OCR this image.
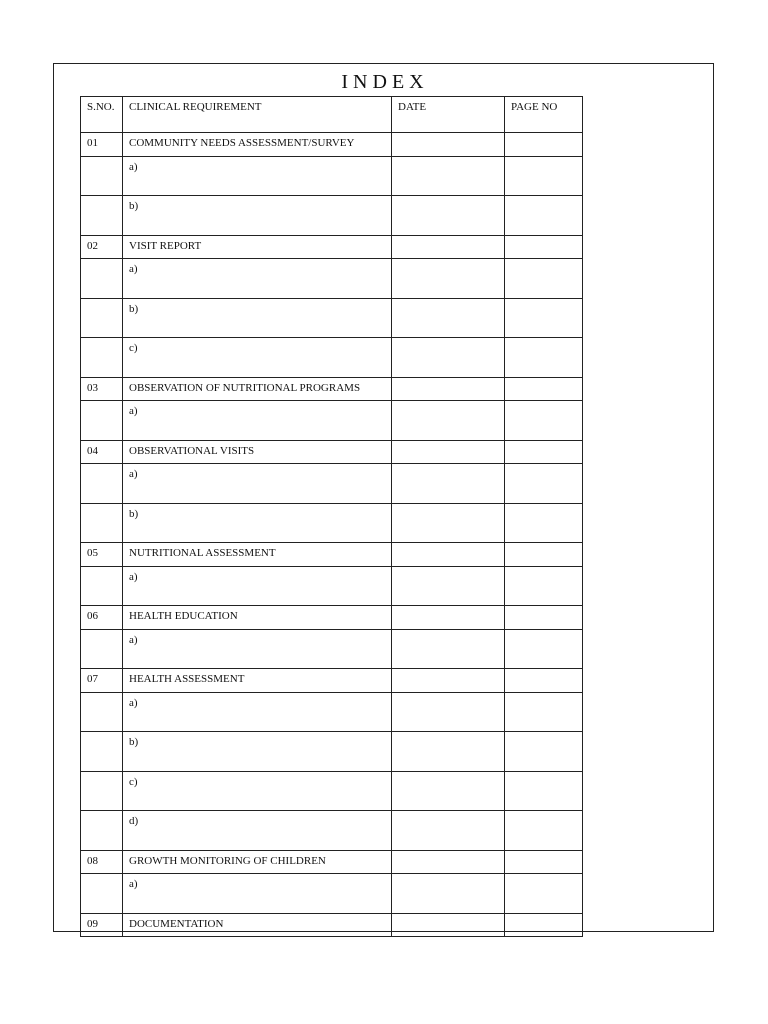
INDEX
S.NO.	CLINICAL REQUIREMENT	DATE	PAGE NO
01	COMMUNITY NEEDS ASSESSMENT/SURVEY		
	a)		
	b)		
02	VISIT REPORT		
	a)		
	b)		
	c)		
03	OBSERVATION OF NUTRITIONAL PROGRAMS		
	a)		
04	OBSERVATIONAL VISITS		
	a)		
	b)		
05	NUTRITIONAL ASSESSMENT		
	a)		
06	HEALTH EDUCATION		
	a)		
07	HEALTH ASSESSMENT		
	a)		
	b)		
	c)		
	d)		
08	GROWTH MONITORING OF CHILDREN		
	a)		
09	DOCUMENTATION		
